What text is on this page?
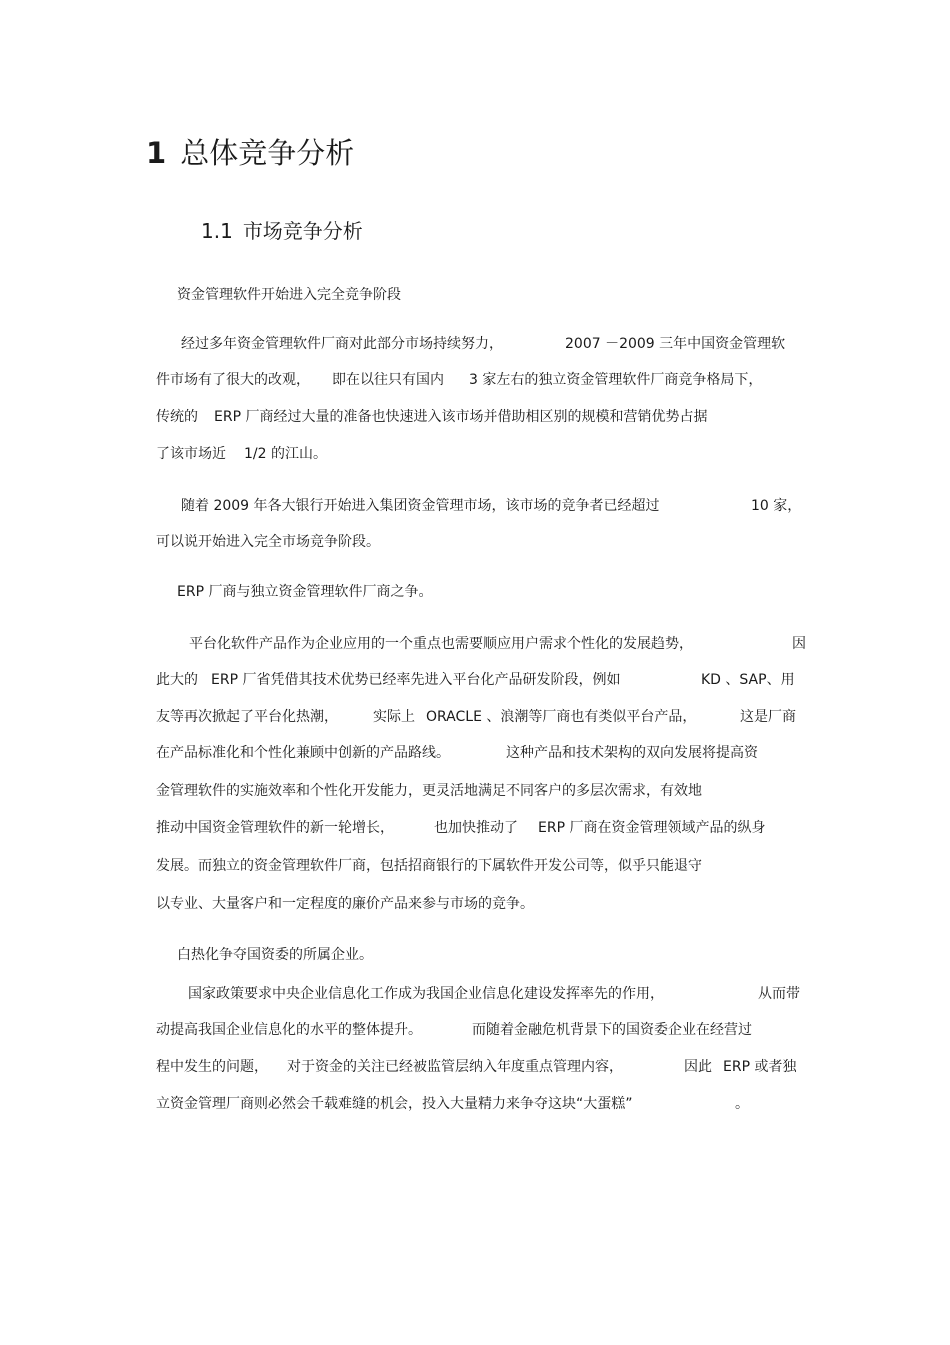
1 总体竞争分析
1.1 市场竞争分析
资金管理软件开始进入完全竞争阶段
经过多年资金管理软件厂商对此部分市场持续努力，	2007 －2009 三年中国资金管理软
件市场有了很大的改观， 即在以往只有国内 3 家左右的独立资金管理软件厂商竞争格局下，
传统的 ERP 厂商经过大量的准备也快速进入该市场并借助相区别的规模和营销优势占据
了该市场近 1/2 的江山。
随着 2009 年各大银行开始进入集团资金管理市场，该市场的竞争者已经超过	10 家，
可以说开始进入完全市场竞争阶段。
ERP 厂商与独立资金管理软件厂商之争。
平台化软件产品作为企业应用的一个重点也需要顺应用户需求个性化的发展趋势，	因
此大的 ERP 厂省凭借其技术优势已经率先进入平台化产品研发阶段，例如	KD 、SAP、用
友等再次掀起了平台化热潮，	实际上 ORACLE 、浪潮等厂商也有类似平台产品，	这是厂商
在产品标准化和个性化兼顾中创新的产品路线。	这种产品和技术架构的双向发展将提高资
金管理软件的实施效率和个性化开发能力，更灵活地满足不同客户的多层次需求，有效地
推动中国资金管理软件的新一轮增长，	也加快推动了 ERP 厂商在资金管理领域产品的纵身
发展。而独立的资金管理软件厂商，包括招商银行的下属软件开发公司等，似乎只能退守
以专业、大量客户和一定程度的廉价产品来参与市场的竞争。
白热化争夺国资委的所属企业。
国家政策要求中央企业信息化工作成为我国企业信息化建设发挥率先的作用，	从而带
动提高我国企业信息化的水平的整体提升。	而随着金融危机背景下的国资委企业在经营过
程中发生的问题， 对于资金的关注已经被监管层纳入年度重点管理内容，	因此 ERP 或者独
立资金管理厂商则必然会千载难缝的机会，投入大量精力来争夺这块“大蛋糕”	。
